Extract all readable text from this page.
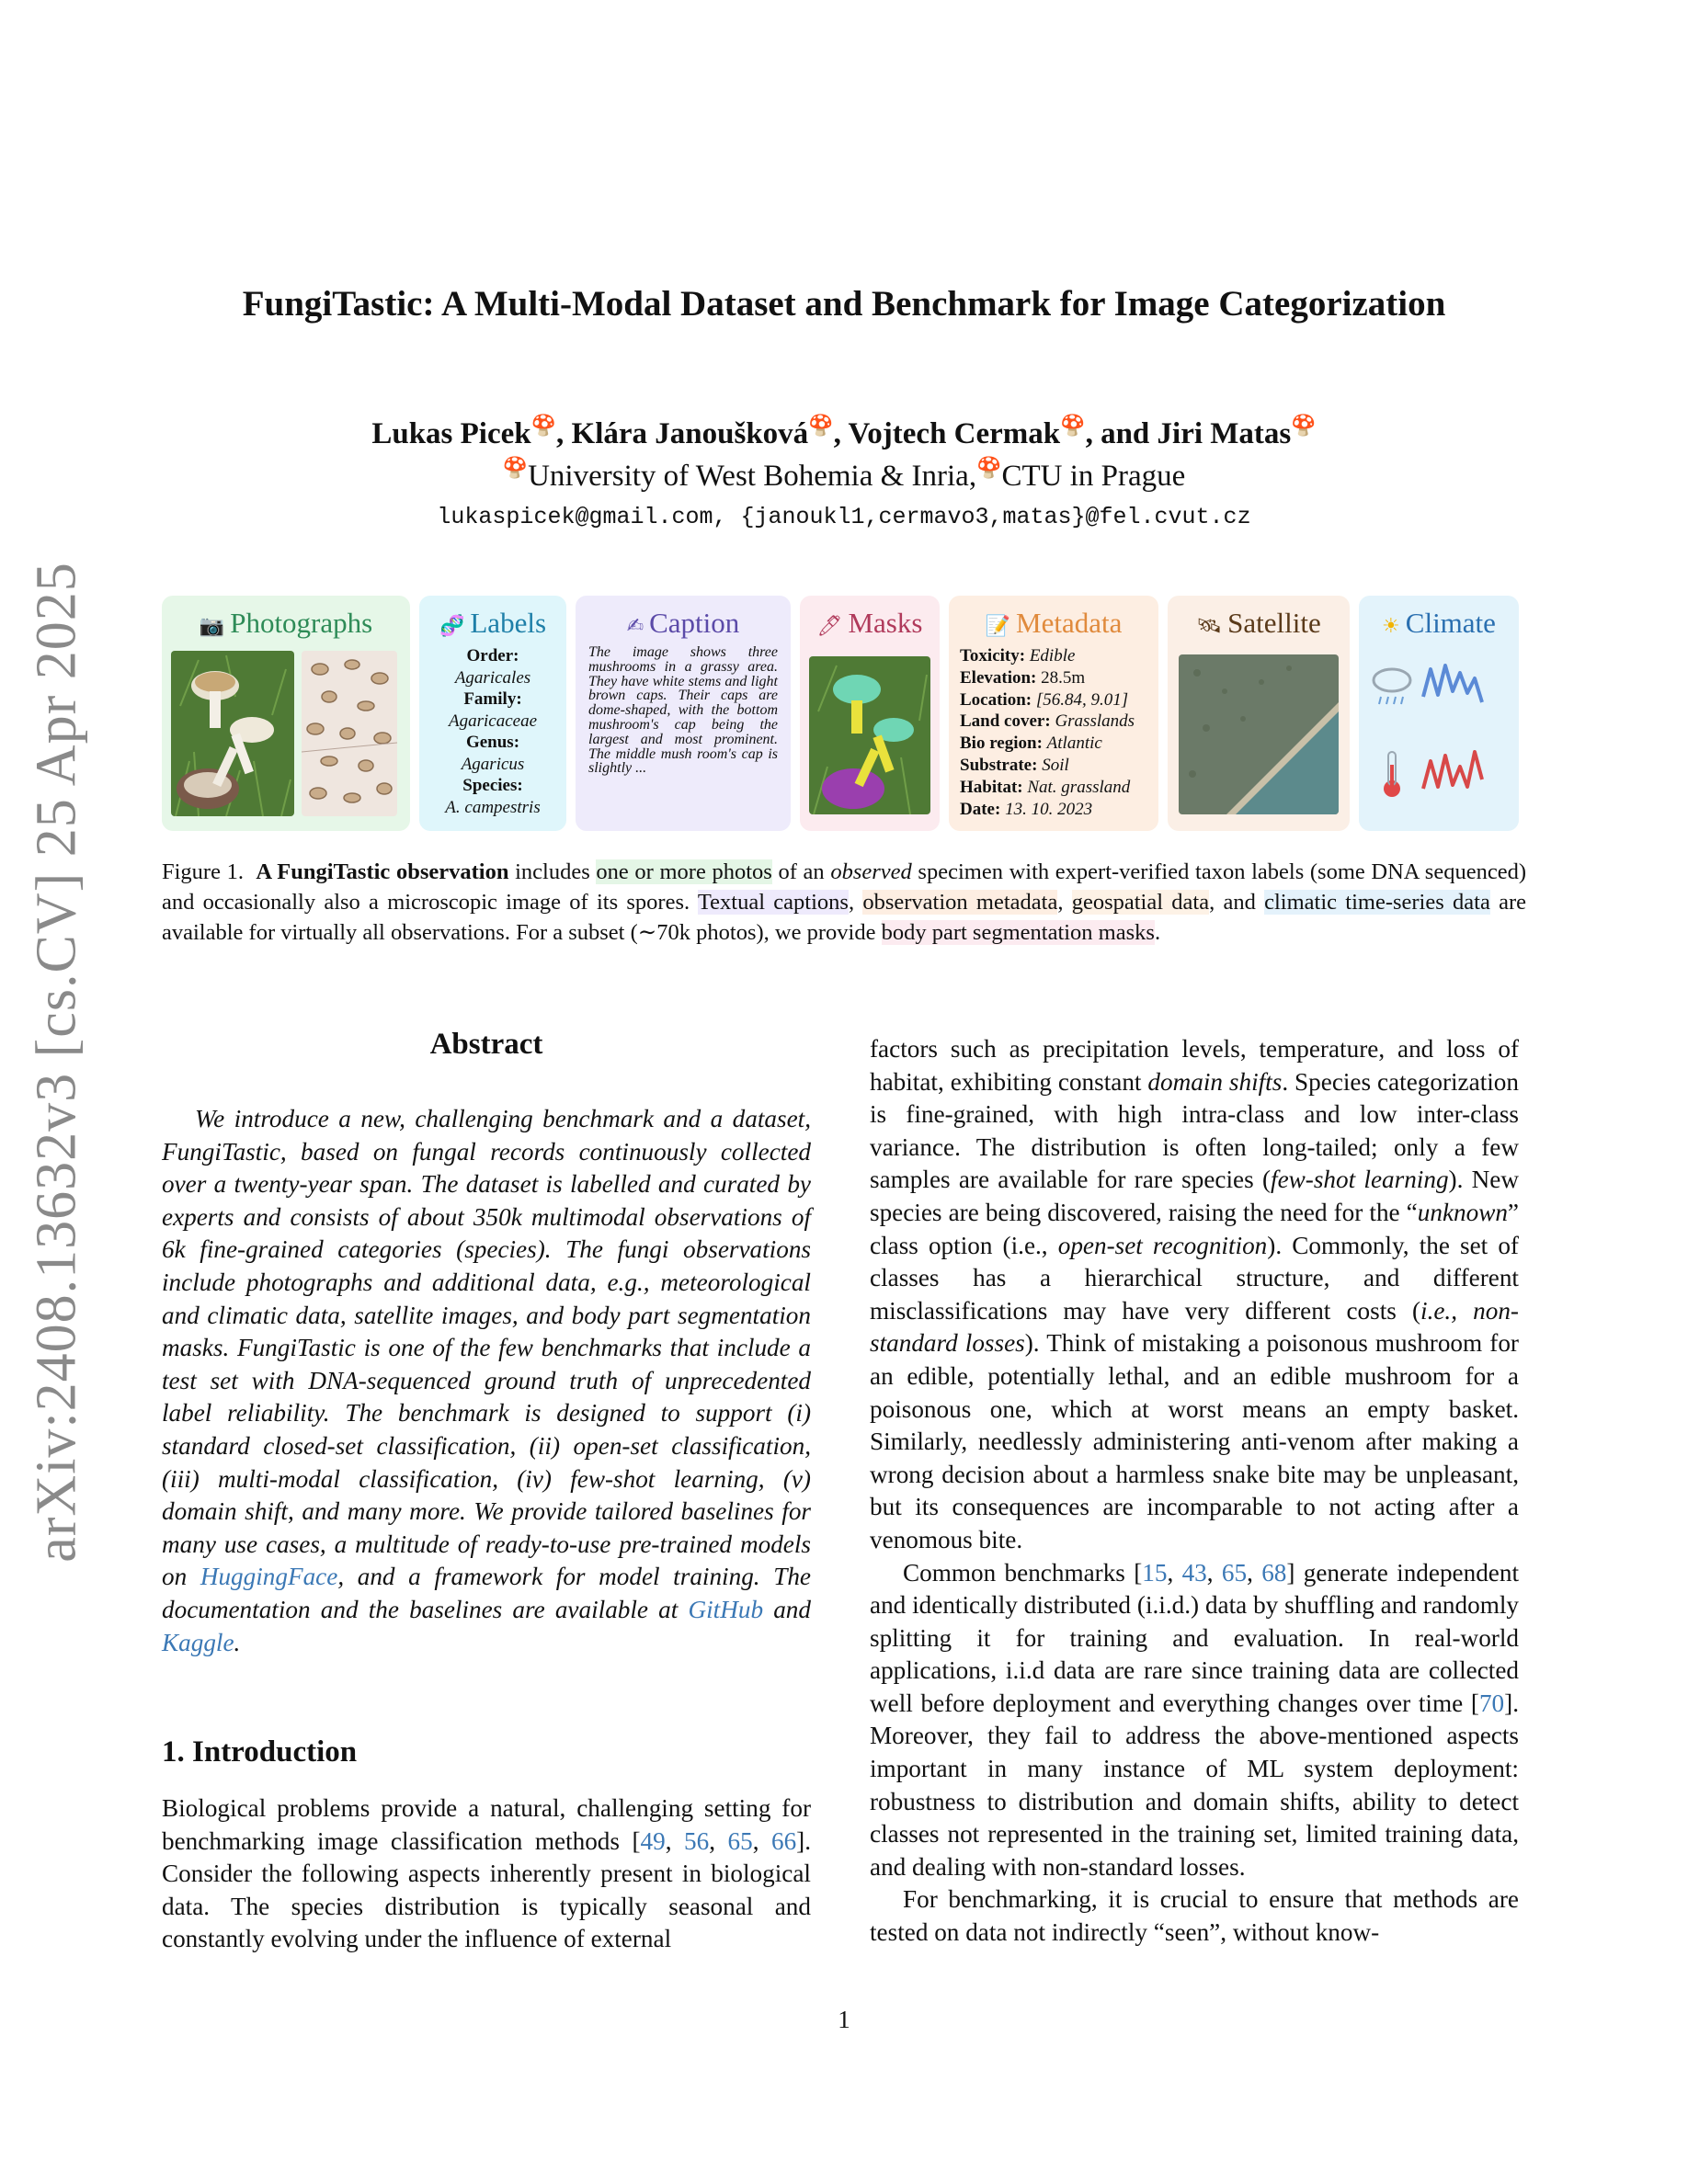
arXiv:2408.13632v3 [cs.CV] 25 Apr 2025
FungiTastic: A Multi-Modal Dataset and Benchmark for Image Categorization
Lukas Picek🍄, Klára Janoušková🍄, Vojtech Cermak🍄, and Jiri Matas🍄
🍄University of West Bohemia & Inria,🍄CTU in Prague
lukaspicek@gmail.com, {janoukl1,cermavo3,matas}@fel.cvut.cz
📷 Photographs	🧬 Labels
Order:
Agaricales
Family:
Agaricaceae
Genus:
Agaricus
Species:
A. campestris
✍ Caption
The image shows three mushrooms in a grassy area. They have white stems and light brown caps. Their caps are dome-shaped, with the bottom mushroom's cap being the largest and most prominent. The middle mush room's cap is slightly ...
🖊 Masks	📝 Metadata
Toxicity: Edible
Elevation: 28.5m
Location: [56.84, 9.01]
Land cover: Grasslands
Bio region: Atlantic
Substrate: Soil
Habitat: Nat. grassland
Date: 13. 10. 2023
🛰 Satellite	☀ Climate
Figure 1. A FungiTastic observation includes one or more photos of an observed specimen with expert-verified taxon labels (some DNA sequenced) and occasionally also a microscopic image of its spores. Textual captions, observation metadata, geospatial data, and climatic time-series data are available for virtually all observations. For a subset (∼70k photos), we provide body part segmentation masks.
Abstract

We introduce a new, challenging benchmark and a dataset, FungiTastic, based on fungal records continuously collected over a twenty-year span. The dataset is labelled and curated by experts and consists of about 350k multimodal observations of 6k fine-grained categories (species). The fungi observations include photographs and additional data, e.g., meteorological and climatic data, satellite images, and body part segmentation masks. FungiTastic is one of the few benchmarks that include a test set with DNA-sequenced ground truth of unprecedented label reliability. The benchmark is designed to support (i) standard closed-set classification, (ii) open-set classification, (iii) multi-modal classification, (iv) few-shot learning, (v) domain shift, and many more. We provide tailored baselines for many use cases, a multitude of ready-to-use pre-trained models on HuggingFace, and a framework for model training. The documentation and the baselines are available at GitHub and Kaggle.

1. Introduction

Biological problems provide a natural, challenging setting for benchmarking image classification methods [49, 56, 65, 66]. Consider the following aspects inherently present in biological data. The species distribution is typically seasonal and constantly evolving under the influence of external

factors such as precipitation levels, temperature, and loss of habitat, exhibiting constant domain shifts. Species categorization is fine-grained, with high intra-class and low inter-class variance. The distribution is often long-tailed; only a few samples are available for rare species (few-shot learning). New species are being discovered, raising the need for the “unknown” class option (i.e., open-set recognition). Commonly, the set of classes has a hierarchical structure, and different misclassifications may have very different costs (i.e., non-standard losses). Think of mistaking a poisonous mushroom for an edible, potentially lethal, and an edible mushroom for a poisonous one, which at worst means an empty basket. Similarly, needlessly administering anti-venom after making a wrong decision about a harmless snake bite may be unpleasant, but its consequences are incomparable to not acting after a venomous bite.

Common benchmarks [15, 43, 65, 68] generate independent and identically distributed (i.i.d.) data by shuffling and randomly splitting it for training and evaluation. In real-world applications, i.i.d data are rare since training data are collected well before deployment and everything changes over time [70]. Moreover, they fail to address the above-mentioned aspects important in many instance of ML system deployment: robustness to distribution and domain shifts, ability to detect classes not represented in the training set, limited training data, and dealing with non-standard losses.

For benchmarking, it is crucial to ensure that methods are tested on data not indirectly “seen”, without know-

1
